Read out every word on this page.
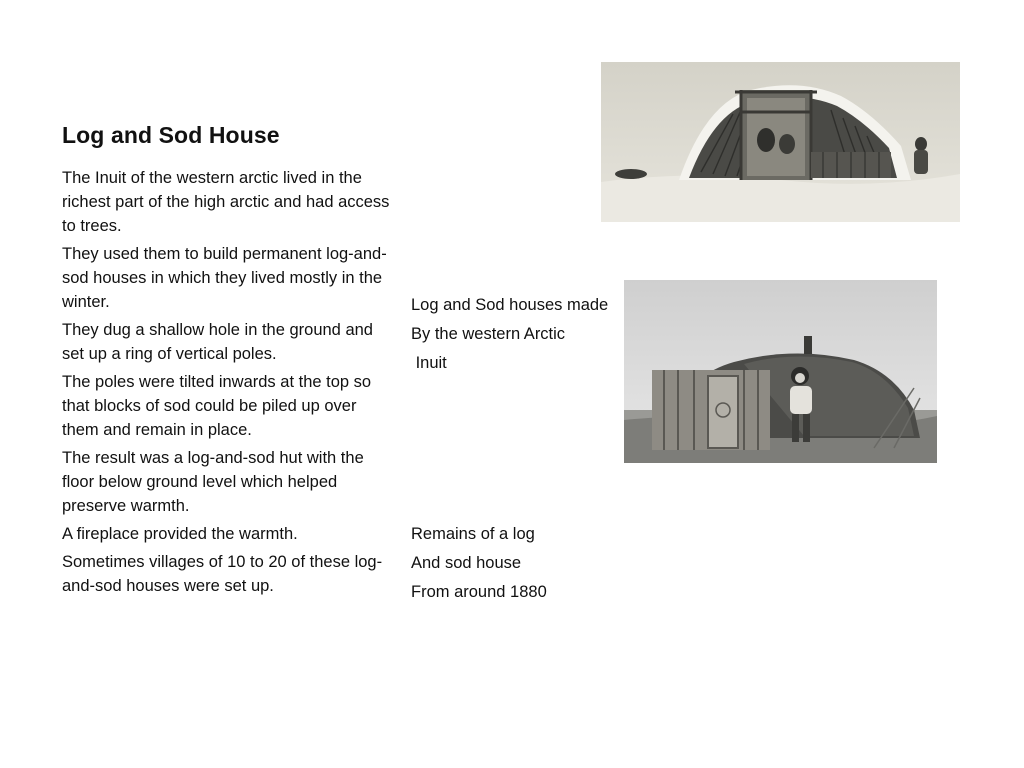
Log and Sod House

The Inuit of the western arctic lived in the richest part of the high arctic and had access to trees.

They used them to build permanent log-and-sod houses in which they lived mostly in the winter.

They dug a shallow hole in the ground and set up a ring of vertical poles.

The poles were tilted inwards at the top so that blocks of sod could be piled up over them and remain in place.

The result was a log-and-sod hut with the floor below ground level which helped preserve warmth.

A fireplace provided the warmth.

Sometimes villages of 10 to 20 of these log-and-sod houses were set up.

Log and Sod houses made
By the western Arctic
Inuit
Remains of a log
And sod house
From around 1880
